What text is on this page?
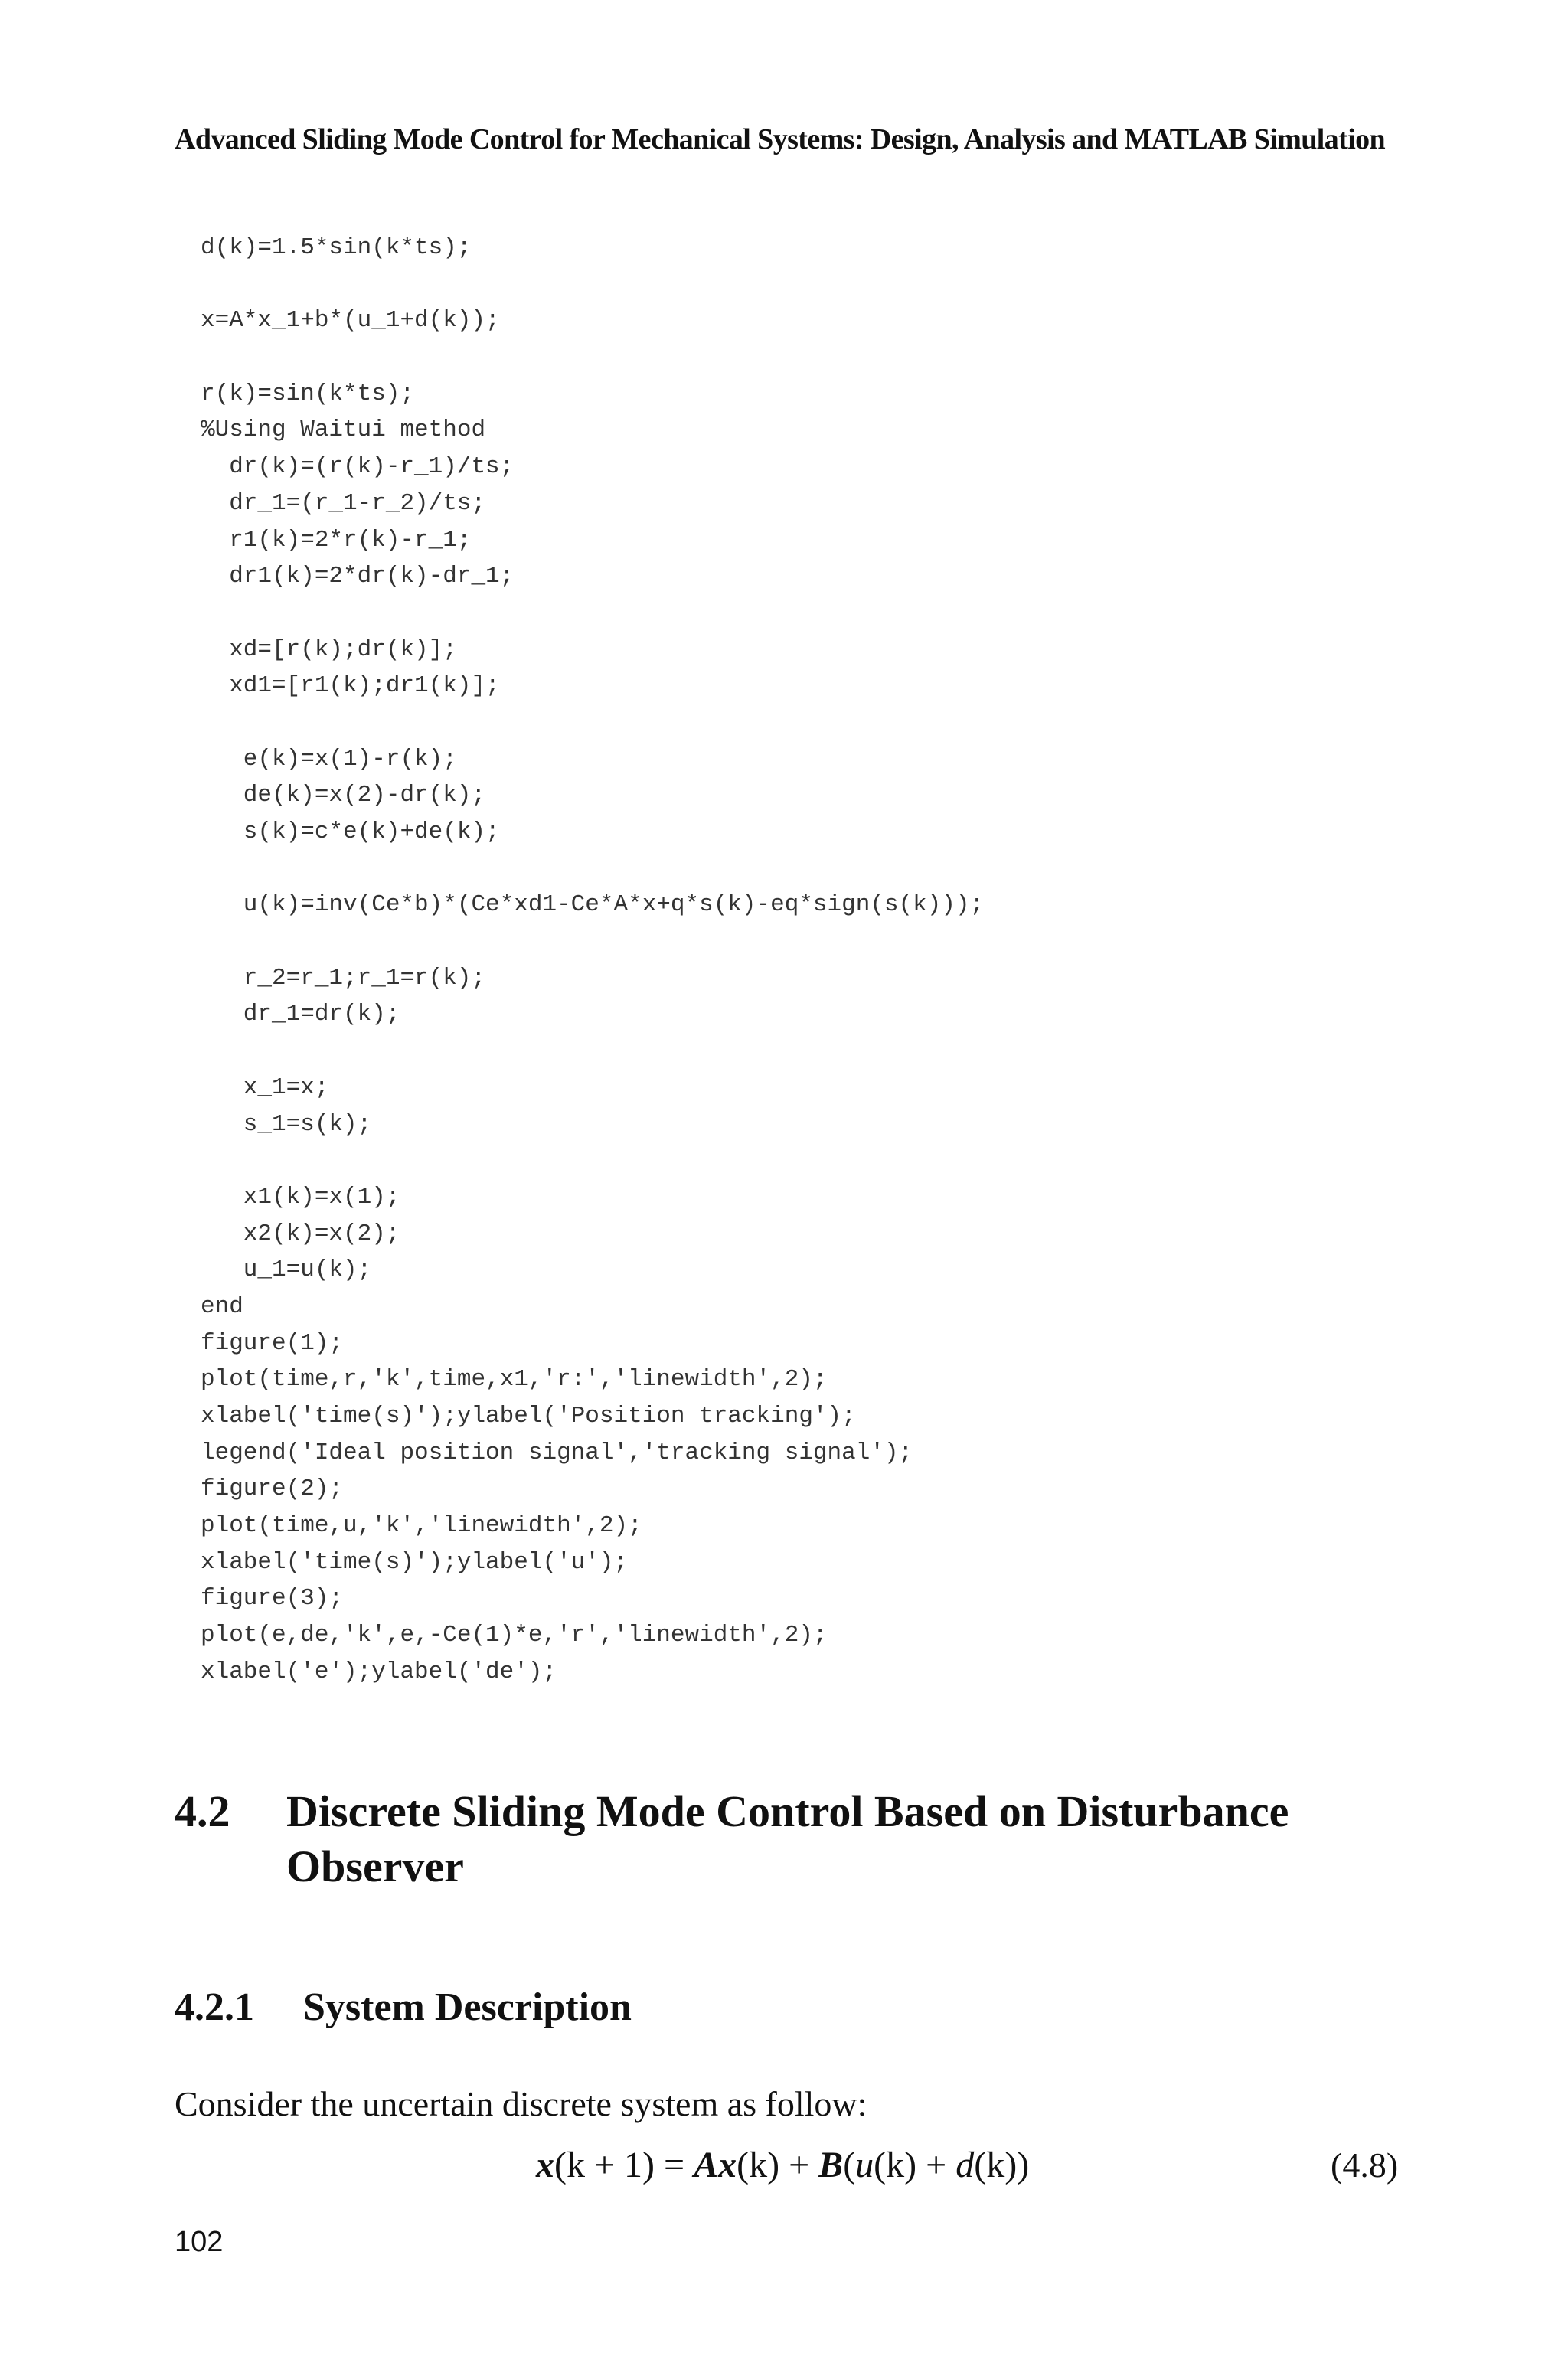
Advanced Sliding Mode Control for Mechanical Systems: Design, Analysis and MATLAB Simulation
d(k)=1.5*sin(k*ts);
x=A*x_1+b*(u_1+d(k));
r(k)=sin(k*ts);
%Using Waitui method
dr(k)=(r(k)-r_1)/ts;
dr_1=(r_1-r_2)/ts;
r1(k)=2*r(k)-r_1;
dr1(k)=2*dr(k)-dr_1;
xd=[r(k);dr(k)];
xd1=[r1(k);dr1(k)];
e(k)=x(1)-r(k);
de(k)=x(2)-dr(k);
s(k)=c*e(k)+de(k);
u(k)=inv(Ce*b)*(Ce*xd1-Ce*A*x+q*s(k)-eq*sign(s(k)));
r_2=r_1;r_1=r(k);
dr_1=dr(k);
x_1=x;
s_1=s(k);
x1(k)=x(1);
x2(k)=x(2);
u_1=u(k);
end
figure(1);
plot(time,r,'k',time,x1,'r:','linewidth',2);
xlabel('time(s)');ylabel('Position tracking');
legend('Ideal position signal','tracking signal');
figure(2);
plot(time,u,'k','linewidth',2);
xlabel('time(s)');ylabel('u');
figure(3);
plot(e,de,'k',e,-Ce(1)*e,'r','linewidth',2);
xlabel('e');ylabel('de');
4.2 Discrete Sliding Mode Control Based on Disturbance Observer
4.2.1 System Description
Consider the uncertain discrete system as follow:
x(k + 1) = Ax(k) + B(u(k) + d(k))	(4.8)
102
